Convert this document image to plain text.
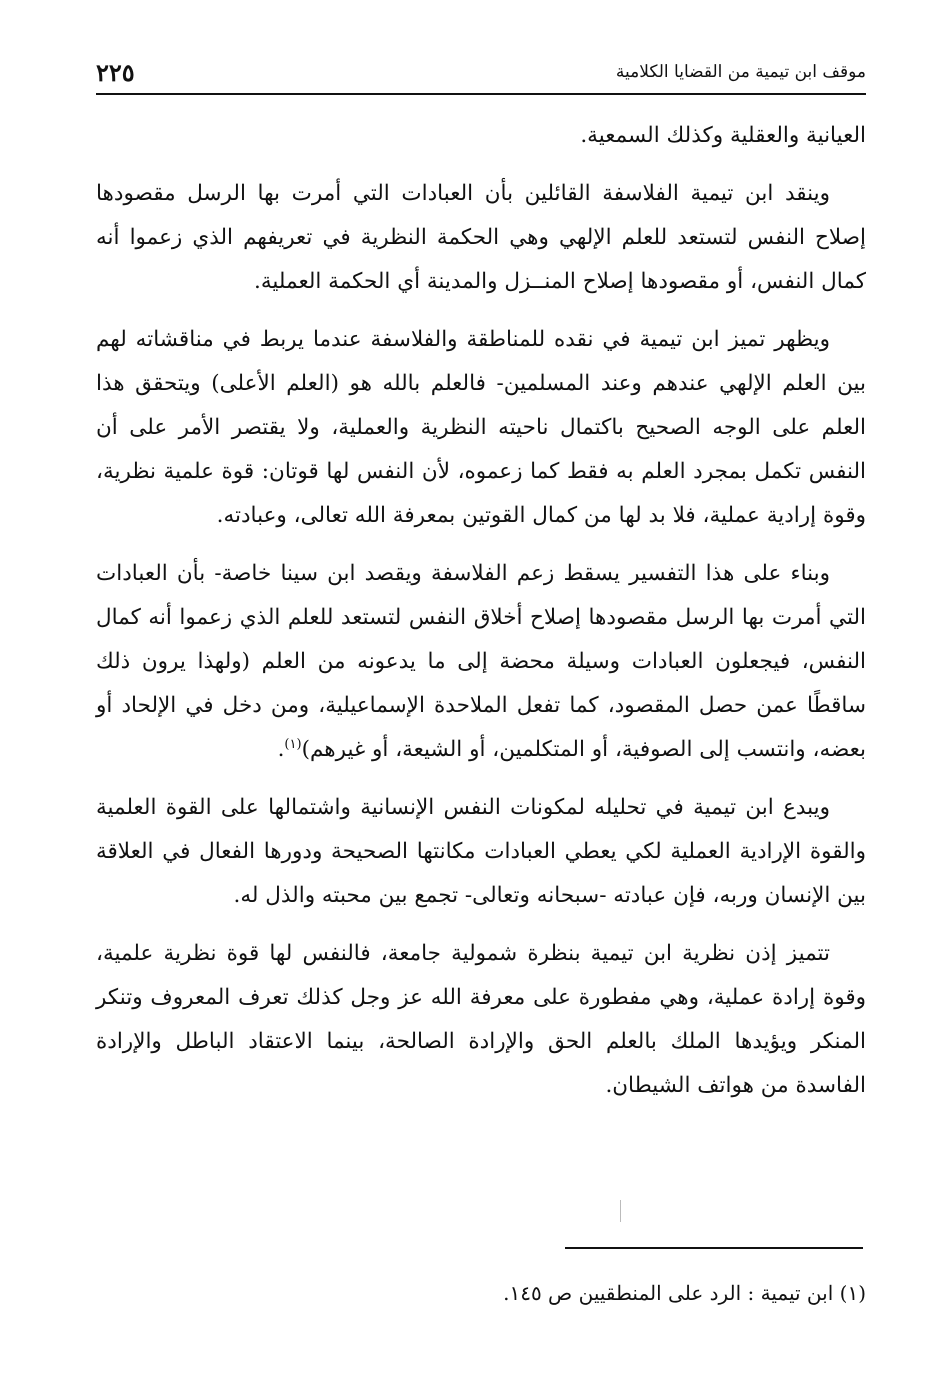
موقف ابن تيمية من القضايا الكلامية
٢٢٥

العيانية والعقلية وكذلك السمعية.

وينقد ابن تيمية الفلاسفة القائلين بأن العبادات التي أمرت بها الرسل مقصودها إصلاح النفس لتستعد للعلم الإلهي وهي الحكمة النظرية في تعريفهم الذي زعموا أنه كمال النفس، أو مقصودها إصلاح المنــزل والمدينة أي الحكمة العملية.

ويظهر تميز ابن تيمية في نقده للمناطقة والفلاسفة عندما يربط في مناقشاته لهم بين العلم الإلهي عندهم وعند المسلمين- فالعلم بالله هو (العلم الأعلى) ويتحقق هذا العلم على الوجه الصحيح باكتمال ناحيته النظرية والعملية، ولا يقتصر الأمر على أن النفس تكمل بمجرد العلم به فقط كما زعموه، لأن النفس لها قوتان: قوة علمية نظرية، وقوة إرادية عملية، فلا بد لها من كمال القوتين بمعرفة الله تعالى، وعبادته.

وبناء على هذا التفسير يسقط زعم الفلاسفة ويقصد ابن سينا خاصة- بأن العبادات التي أمرت بها الرسل مقصودها إصلاح أخلاق النفس لتستعد للعلم الذي زعموا أنه كمال النفس، فيجعلون العبادات وسيلة محضة إلى ما يدعونه من العلم (ولهذا يرون ذلك ساقطًا عمن حصل المقصود، كما تفعل الملاحدة الإسماعيلية، ومن دخل في الإلحاد أو بعضه، وانتسب إلى الصوفية، أو المتكلمين، أو الشيعة، أو غيرهم)$^{(١)}$.

ويبدع ابن تيمية في تحليله لمكونات النفس الإنسانية واشتمالها على القوة العلمية والقوة الإرادية العملية لكي يعطي العبادات مكانتها الصحيحة ودورها الفعال في العلاقة بين الإنسان وربه، فإن عبادته -سبحانه وتعالى- تجمع بين محبته والذل له.

تتميز إذن نظرية ابن تيمية بنظرة شمولية جامعة، فالنفس لها قوة نظرية علمية، وقوة إرادة عملية، وهي مفطورة على معرفة الله عز وجل كذلك تعرف المعروف وتنكر المنكر ويؤيدها الملك بالعلم الحق والإرادة الصالحة، بينما الاعتقاد الباطل والإرادة الفاسدة من هواتف الشيطان.

(١) ابن تيمية : الرد على المنطقيين ص ١٤٥.
